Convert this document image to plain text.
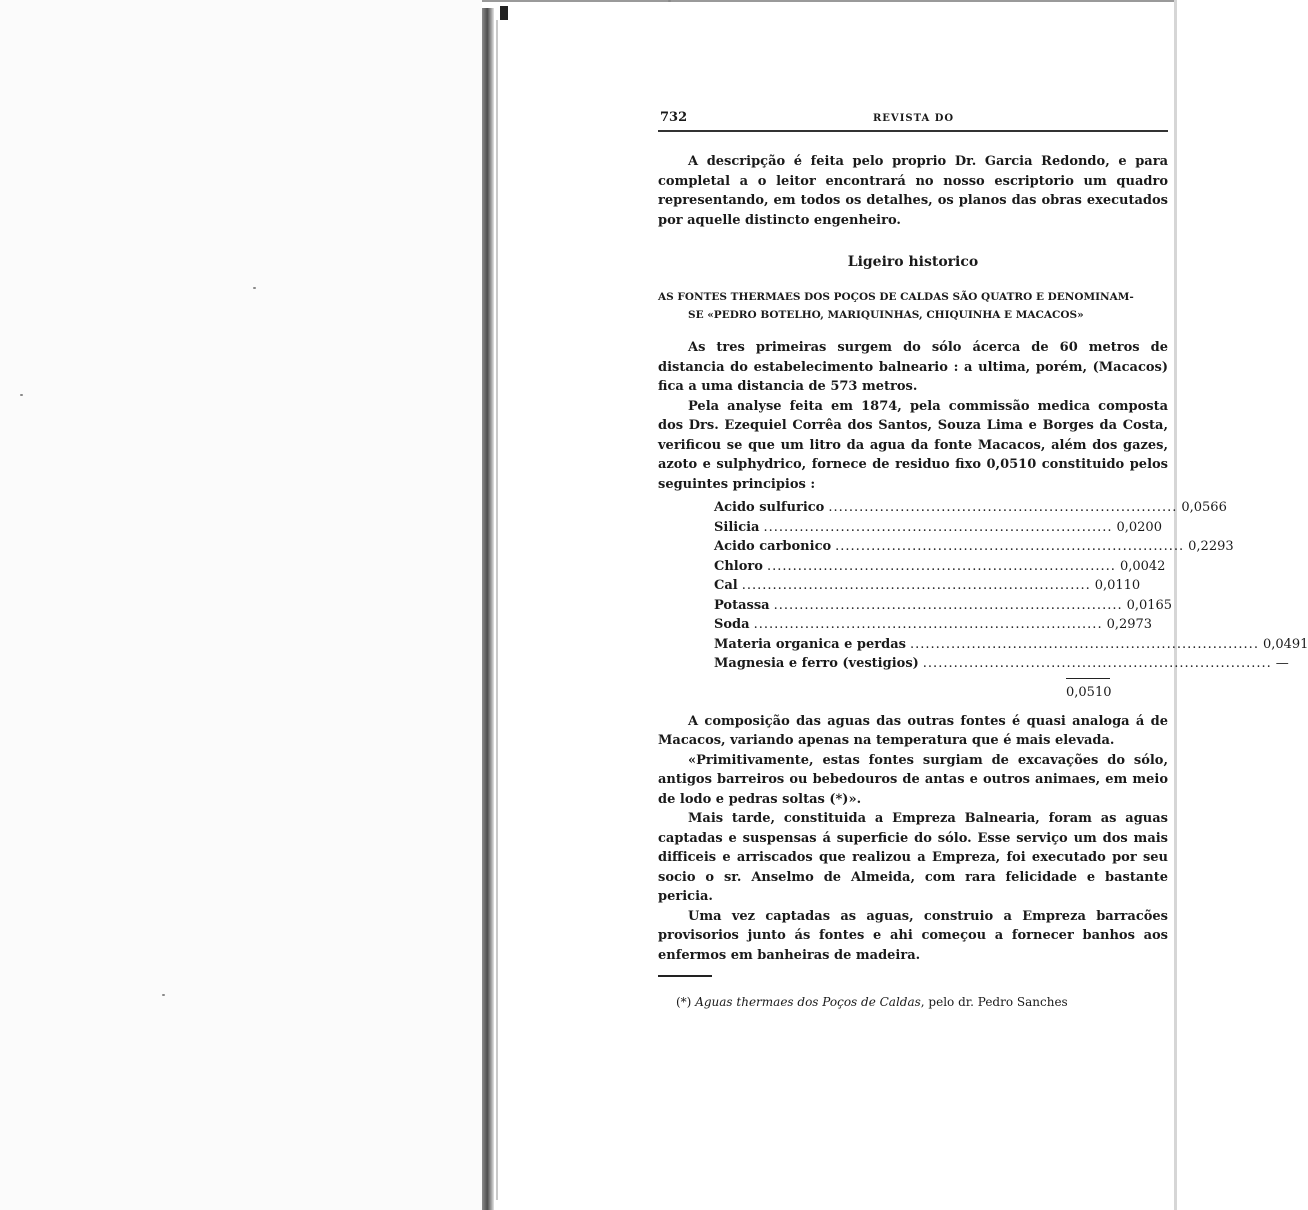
732	REVISTA DO

A descripção é feita pelo proprio Dr. Garcia Redondo, e para completal a o leitor encontrará no nosso escriptorio um quadro representando, em todos os detalhes, os planos das obras executados por aquelle distincto engenheiro.

Ligeiro historico
AS FONTES THERMAES DOS POÇOS DE CALDAS SÃO QUATRO E DENOMINAM-
SE «PEDRO BOTELHO, MARIQUINHAS, CHIQUINHA E MACACOS»

As tres primeiras surgem do sólo ácerca de 60 metros de distancia do estabelecimento balneario : a ultima, porém, (Macacos) fica a uma distancia de 573 metros.

Pela analyse feita em 1874, pela commissão medica composta dos Drs. Ezequiel Corrêa dos Santos, Souza Lima e Borges da Costa, verificou se que um litro da agua da fonte Macacos, além dos gazes, azoto e sulphydrico, fornece de residuo fixo 0,0510 constituido pelos seguintes principios :

Acido sulfurico .................................................................... 0,0566
Silicia .................................................................... 0,0200
Acido carbonico .................................................................... 0,2293
Chloro .................................................................... 0,0042
Cal .................................................................... 0,0110
Potassa .................................................................... 0,0165
Soda .................................................................... 0,2973
Materia organica e perdas .................................................................... 0,0491
Magnesia e ferro (vestigios) .................................................................... —
0,0510

A composição das aguas das outras fontes é quasi analoga á de Macacos, variando apenas na temperatura que é mais elevada.

«Primitivamente, estas fontes surgiam de excavações do sólo, antigos barreiros ou bebedouros de antas e outros animaes, em meio de lodo e pedras soltas (*)».

Mais tarde, constituida a Empreza Balnearia, foram as aguas captadas e suspensas á superficie do sólo. Esse serviço um dos mais difficeis e arriscados que realizou a Empreza, foi executado por seu socio o sr. Anselmo de Almeida, com rara felicidade e bastante pericia.

Uma vez captadas as aguas, construio a Empreza barracões provisorios junto ás fontes e ahi começou a fornecer banhos aos enfermos em banheiras de madeira.

(*) Aguas thermaes dos Poços de Caldas, pelo dr. Pedro Sanches
